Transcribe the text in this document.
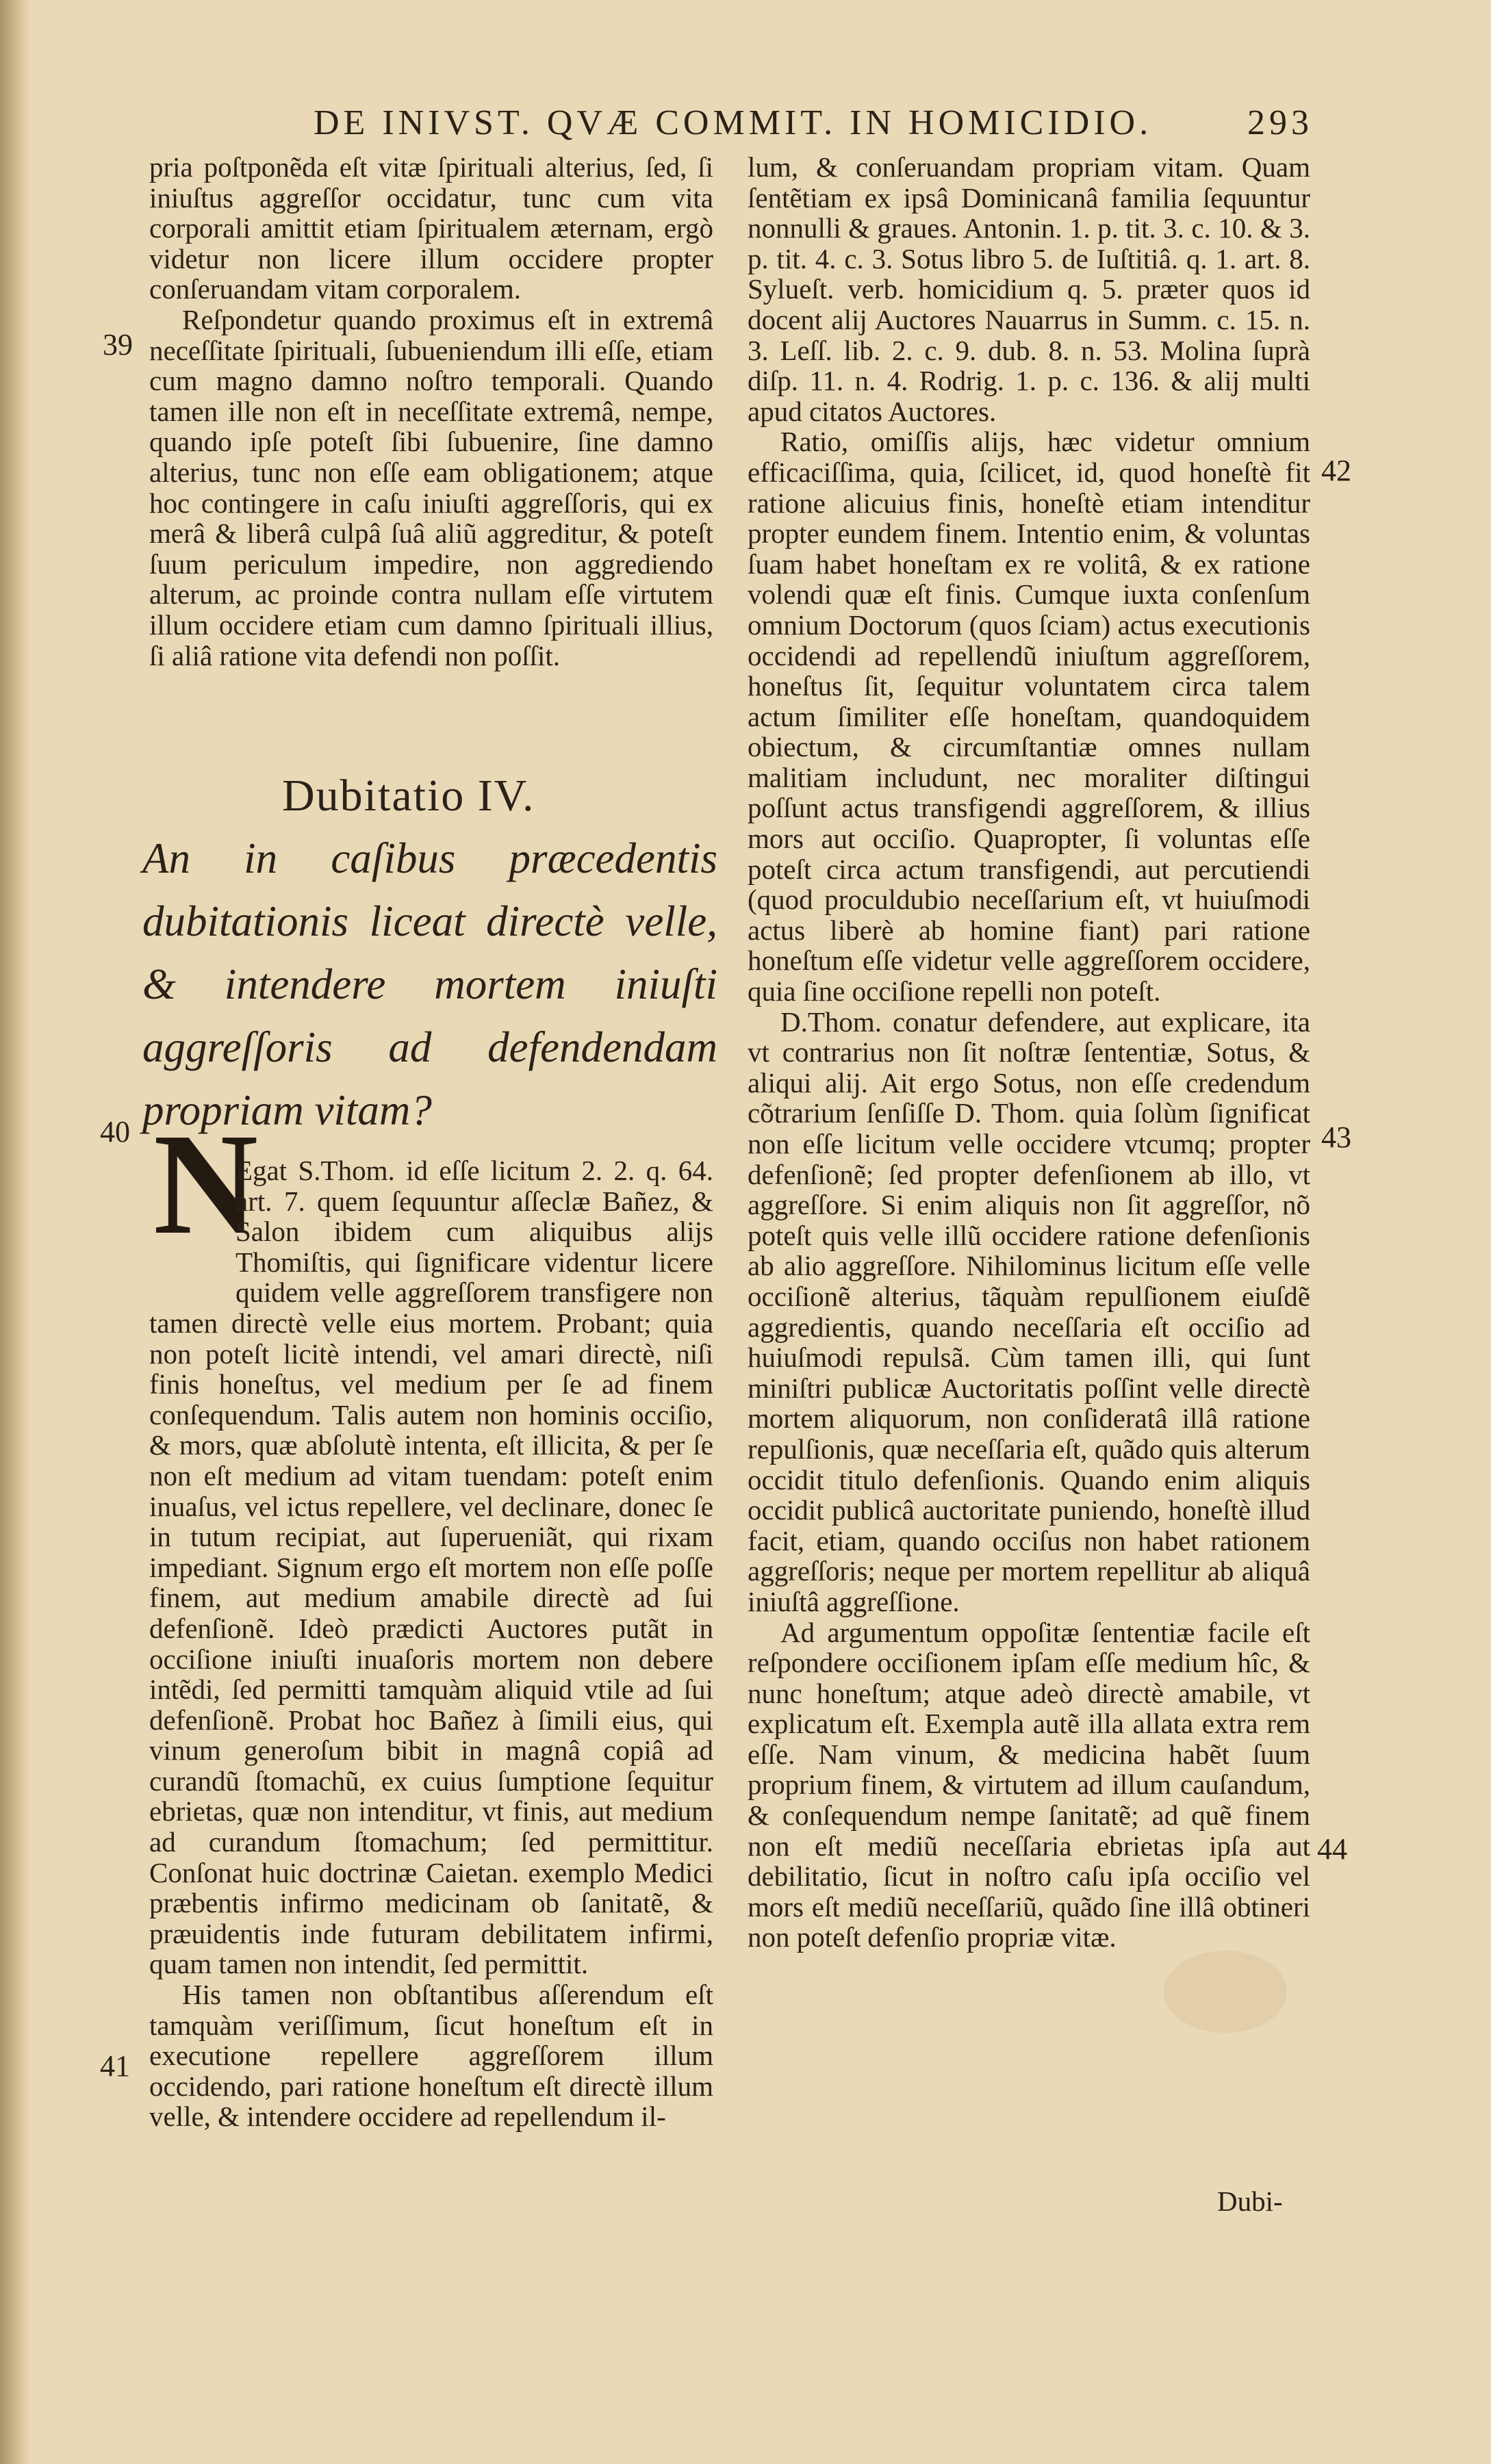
DE INIVST. QVÆ COMMIT. IN HOMICIDIO.	293

pria poſtponẽda eſt vitæ ſpirituali alterius, ſed, ſi iniuſtus aggreſſor occidatur, tunc cum vita corporali amittit etiam ſpiritualem æternam, ergò videtur non licere illum occidere propter conſeruandam vitam corporalem.

Reſpondetur quando proximus eſt in extremâ neceſſitate ſpirituali, ſubueniendum illi eſſe, etiam cum magno damno noſtro temporali. Quando tamen ille non eſt in neceſſitate extremâ, nempe, quando ipſe poteſt ſibi ſubuenire, ſine damno alterius, tunc non eſſe eam obligationem; atque hoc contingere in caſu iniuſti aggreſſoris, qui ex merâ & liberâ culpâ ſuâ aliũ aggreditur, & poteſt ſuum periculum impedire, non aggrediendo alterum, ac proinde contra nullam eſſe virtutem illum occidere etiam cum damno ſpirituali illius, ſi aliâ ratione vita defendi non poſſit.

Dubitatio IV.
An in caſibus præcedentis dubitationis liceat directè velle, & intendere mortem iniuſti aggreſſoris ad defendendam propriam vitam?
N

Egat S.Thom. id eſſe licitum 2. 2. q. 64. art. 7. quem ſequuntur aſſeclæ Bañez, & Salon ibidem cum aliquibus alijs Thomiſtis, qui ſignificare videntur licere quidem velle aggreſſorem transfigere non tamen directè velle eius mortem. Probant; quia non poteſt licitè intendi, vel amari directè, niſi finis honeſtus, vel medium per ſe ad finem conſequendum. Talis autem non hominis occiſio, & mors, quæ abſolutè intenta, eſt illicita, & per ſe non eſt medium ad vitam tuendam: poteſt enim inuaſus, vel ictus repellere, vel declinare, donec ſe in tutum recipiat, aut ſuperueniãt, qui rixam impediant. Signum ergo eſt mortem non eſſe poſſe finem, aut medium amabile directè ad ſui defenſionẽ. Ideò prædicti Auctores putãt in occiſione iniuſti inuaſoris mortem non debere intẽdi, ſed permitti tamquàm aliquid vtile ad ſui defenſionẽ. Probat hoc Bañez à ſimili eius, qui vinum generoſum bibit in magnâ copiâ ad curandũ ſtomachũ, ex cuius ſumptione ſequitur ebrietas, quæ non intenditur, vt finis, aut medium ad curandum ſtomachum; ſed permittitur. Conſonat huic doctrinæ Caietan. exemplo Medici præbentis infirmo medicinam ob ſanitatẽ, & præuidentis inde futuram debilitatem infirmi, quam tamen non intendit, ſed permittit.

His tamen non obſtantibus aſſerendum eſt tamquàm veriſſimum, ſicut honeſtum eſt in executione repellere aggreſſorem illum occidendo, pari ratione honeſtum eſt directè illum velle, & intendere occidere ad repellendum il-

lum, & conſeruandam propriam vitam. Quam ſentẽtiam ex ipsâ Dominicanâ familia ſequuntur nonnulli & graues. Antonin. 1. p. tit. 3. c. 10. & 3. p. tit. 4. c. 3. Sotus libro 5. de Iuſtitiâ. q. 1. art. 8. Sylueſt. verb. homicidium q. 5. præter quos id docent alij Auctores Nauarrus in Summ. c. 15. n. 3. Leſſ. lib. 2. c. 9. dub. 8. n. 53. Molina ſuprà diſp. 11. n. 4. Rodrig. 1. p. c. 136. & alij multi apud citatos Auctores.

Ratio, omiſſis alijs, hæc videtur omnium efficaciſſima, quia, ſcilicet, id, quod honeſtè fit ratione alicuius finis, honeſtè etiam intenditur propter eundem finem. Intentio enim, & voluntas ſuam habet honeſtam ex re volitâ, & ex ratione volendi quæ eſt finis. Cumque iuxta conſenſum omnium Doctorum (quos ſciam) actus executionis occidendi ad repellendũ iniuſtum aggreſſorem, honeſtus ſit, ſequitur voluntatem circa talem actum ſimiliter eſſe honeſtam, quandoquidem obiectum, & circumſtantiæ omnes nullam malitiam includunt, nec moraliter diſtingui poſſunt actus transfigendi aggreſſorem, & illius mors aut occiſio. Quapropter, ſi voluntas eſſe poteſt circa actum transfigendi, aut percutiendi (quod proculdubio neceſſarium eſt, vt huiuſmodi actus liberè ab homine fiant) pari ratione honeſtum eſſe videtur velle aggreſſorem occidere, quia ſine occiſione repelli non poteſt.

D.Thom. conatur defendere, aut explicare, ita vt contrarius non ſit noſtræ ſententiæ, Sotus, & aliqui alij. Ait ergo Sotus, non eſſe credendum cõtrarium ſenſiſſe D. Thom. quia ſolùm ſignificat non eſſe licitum velle occidere vtcumq; propter defenſionẽ; ſed propter defenſionem ab illo, vt aggreſſore. Si enim aliquis non ſit aggreſſor, nõ poteſt quis velle illũ occidere ratione defenſionis ab alio aggreſſore. Nihilominus licitum eſſe velle occiſionẽ alterius, tãquàm repulſionem eiuſdẽ aggredientis, quando neceſſaria eſt occiſio ad huiuſmodi repulsã. Cùm tamen illi, qui ſunt miniſtri publicæ Auctoritatis poſſint velle directè mortem aliquorum, non conſideratâ illâ ratione repulſionis, quæ neceſſaria eſt, quãdo quis alterum occidit titulo defenſionis. Quando enim aliquis occidit publicâ auctoritate puniendo, honeſtè illud facit, etiam, quando occiſus non habet rationem aggreſſoris; neque per mortem repellitur ab aliquâ iniuſtâ aggreſſione.

Ad argumentum oppoſitæ ſententiæ facile eſt reſpondere occiſionem ipſam eſſe medium hîc, & nunc honeſtum; atque adeò directè amabile, vt explicatum eſt. Exempla autẽ illa allata extra rem eſſe. Nam vinum, & medicina habẽt ſuum proprium finem, & virtutem ad illum cauſandum, & conſequendum nempe ſanitatẽ; ad quẽ finem non eſt mediũ neceſſaria ebrietas ipſa aut debilitatio, ſicut in noſtro caſu ipſa occiſio vel mors eſt mediũ neceſſariũ, quãdo ſine illâ obtineri non poteſt defenſio propriæ vitæ.

Dubi-
39
40
41
42
43
44
